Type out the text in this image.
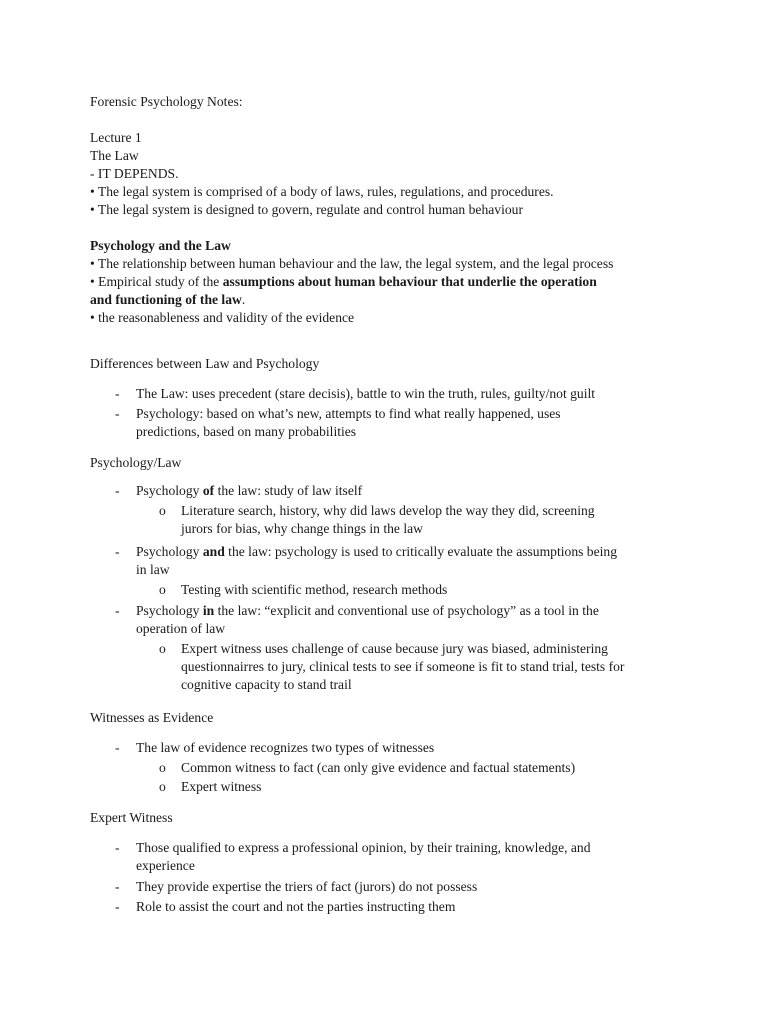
Forensic Psychology Notes:
Lecture 1
The Law
- IT DEPENDS.
• The legal system is comprised of a body of laws, rules, regulations, and procedures.
• The legal system is designed to govern, regulate and control human behaviour
Psychology and the Law
• The relationship between human behaviour and the law, the legal system, and the legal process
• Empirical study of the assumptions about human behaviour that underlie the operation
and functioning of the law.
• the reasonableness and validity of the evidence
Differences between Law and Psychology
- The Law: uses precedent (stare decisis), battle to win the truth, rules, guilty/not guilt
- Psychology: based on what’s new, attempts to find what really happened, uses
predictions, based on many probabilities
Psychology/Law
- Psychology of the law: study of law itself
o Literature search, history, why did laws develop the way they did, screening
jurors for bias, why change things in the law
- Psychology and the law: psychology is used to critically evaluate the assumptions being
in law
o Testing with scientific method, research methods
- Psychology in the law: “explicit and conventional use of psychology” as a tool in the
operation of law
o Expert witness uses challenge of cause because jury was biased, administering
questionnairres to jury, clinical tests to see if someone is fit to stand trial, tests for
cognitive capacity to stand trail
Witnesses as Evidence
- The law of evidence recognizes two types of witnesses
o Common witness to fact (can only give evidence and factual statements)
o Expert witness
Expert Witness
- Those qualified to express a professional opinion, by their training, knowledge, and
experience
- They provide expertise the triers of fact (jurors) do not possess
- Role to assist the court and not the parties instructing them
